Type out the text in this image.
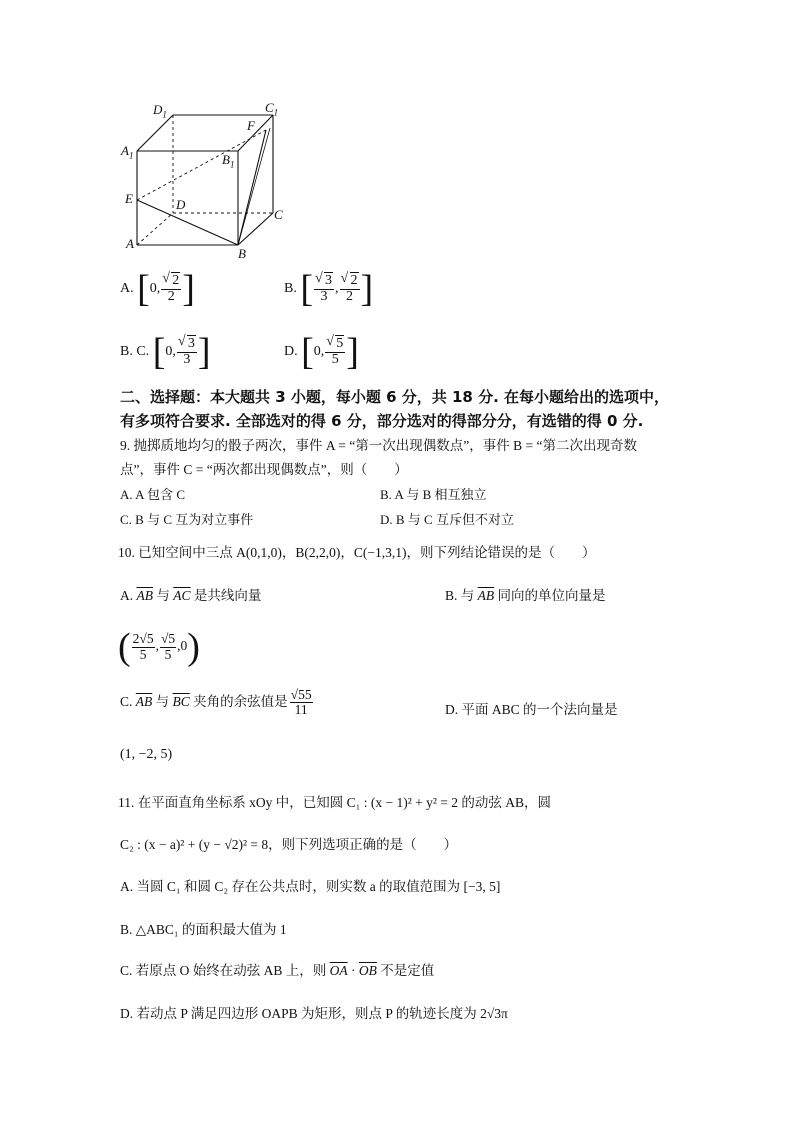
$D_1$	$C_1$
F
$A_1$	$B_1$
E	D
C
A
B
A. [0, √ $\frac{2}{2}$ ]	B. [ √ $\frac{3}{3}$ , √ $\frac{2}{2}$ ]
B. C. [0, √ $\frac{3}{3}$ ]	D. [0, √ $\frac{5}{5}$ ]
二、选择题：本大题共 3 小题，每小题 6 分，共 18 分. 在每小题给出的选项中，
有多项符合要求. 全部选对的得 6 分，部分选对的得部分分，有选错的得 0 分.
9. 抛掷质地均匀的骰子两次，事件 A = “第一次出现偶数点”，事件 B = “第二次出现奇数
点”，事件 C = “两次都出现偶数点”，则（　　）
A. A 包含 C	B. A 与 B 相互独立
C. B 与 C 互为对立事件	D. B 与 C 互斥但不对立
10. 已知空间中三点 A(0,1,0)，B(2,2,0)，C(−1,3,1)，则下列结论错误的是（　　）
A. $\overline{AB}$ 与 $\overline{AC}$ 是共线向量	B. 与 $\overline{AB}$ 同向的单位向量是
( $\frac{2√5}{5}$ , $\frac{√5}{5} ,0$)
C. $\overline{AB}$ 与 $\overline{BC}$ 夹角的余弦值是 $\frac{√55}{11}$	D. 平面 ABC 的一个法向量是
(1, −2, 5)
11. 在平面直角坐标系 xOy 中，已知圆 C₁ : (x − 1)² + y² = 2 的动弦 AB，圆
C₂ : (x − a)² + (y − √2)² = 8，则下列选项正确的是（　　）
A. 当圆 C₁ 和圆 C₂ 存在公共点时，则实数 a 的取值范围为 [−3, 5]
B. △ABC₁ 的面积最大值为 1
C. 若原点 O 始终在动弦 AB 上，则 $\overline{OA} \cdot \overline{OB}$ 不是定值
D. 若动点 P 满足四边形 OAPB 为矩形，则点 P 的轨迹长度为 2√3π
